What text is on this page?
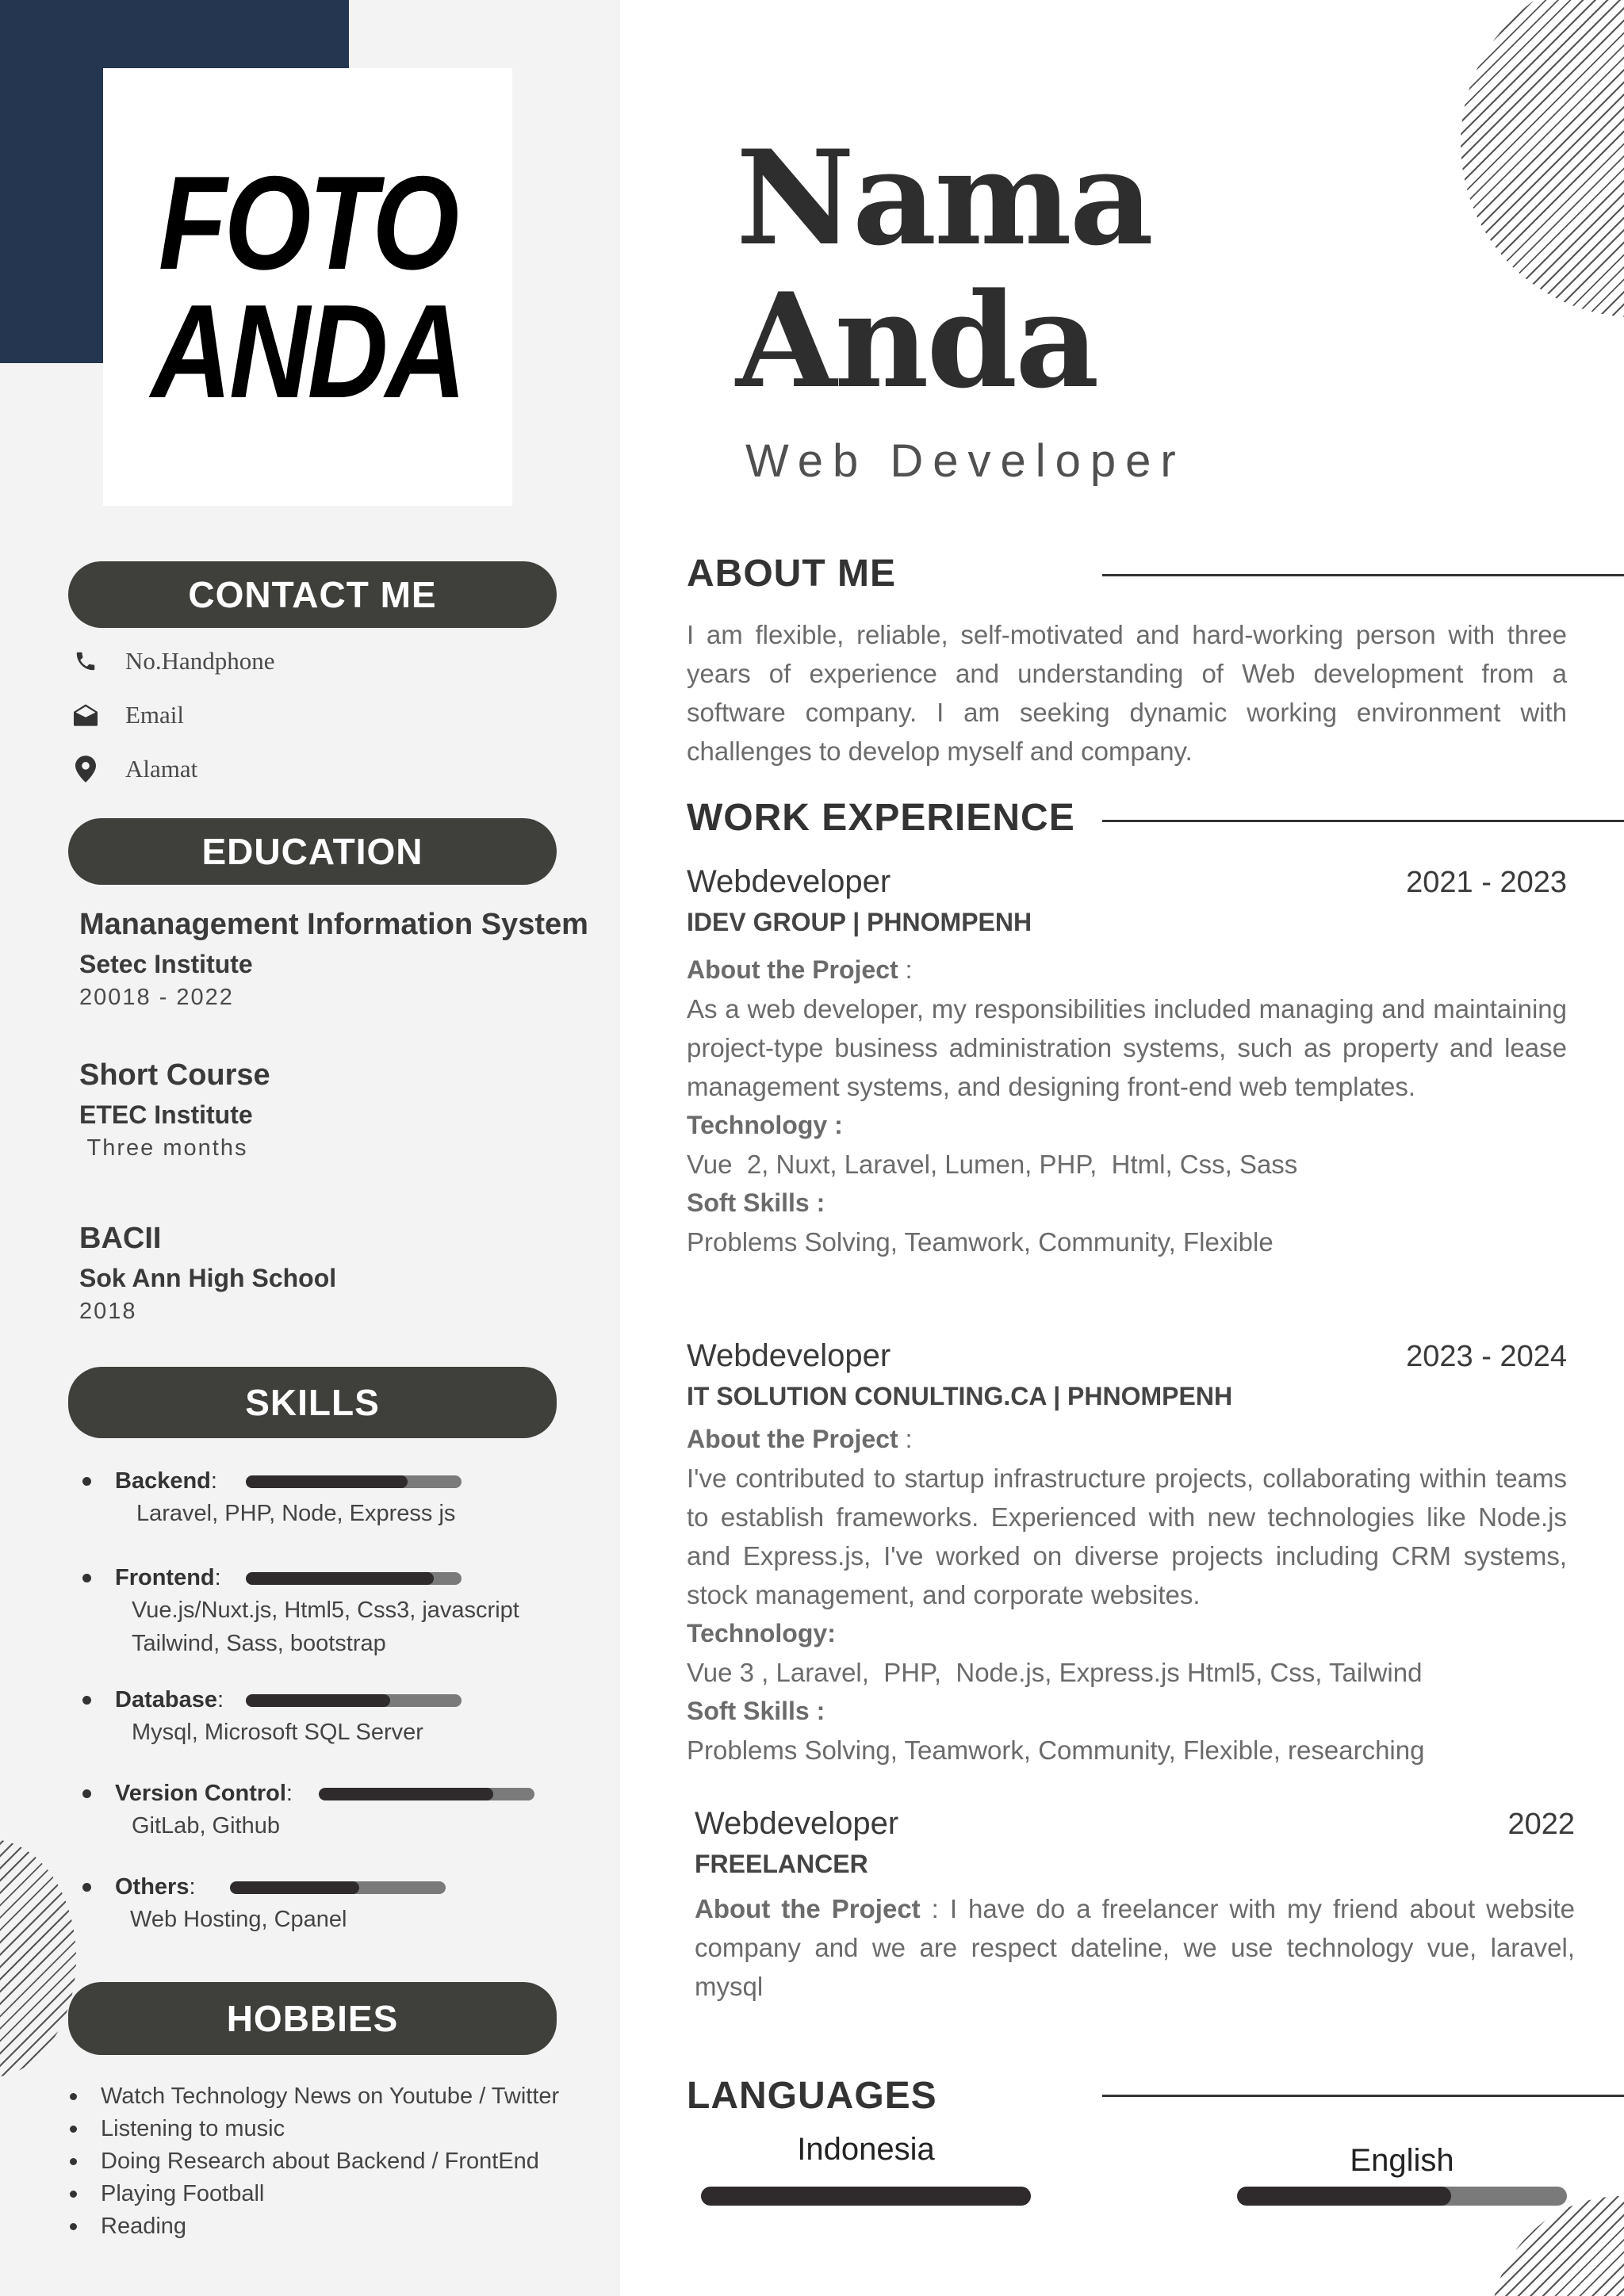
FOTO
ANDA
Nama
Anda
Web Developer
CONTACT ME
No.Handphone
Email
Alamat
EDUCATION
Mananagement Information System
Setec Institute
20018 - 2022
Short Course
ETEC Institute
Three months
BACII
Sok Ann High School
2018
SKILLS
Backend :
Laravel, PHP, Node, Express js
Frontend :
Vue.js/Nuxt.js, Html5, Css3, javascript
Tailwind, Sass, bootstrap
Database :
Mysql, Microsoft SQL Server
Version Control :
GitLab, Github
Others :
Web Hosting, Cpanel
HOBBIES
Watch Technology News on Youtube / Twitter
Listening to music
Doing Research about Backend / FrontEnd
Playing Football
Reading
ABOUT ME
I am flexible, reliable, self-motivated and hard-working person with three years of experience and understanding of Web development from a software company. I am seeking dynamic working environment with challenges to develop myself and company.
WORK EXPERIENCE
Webdeveloper	2021 - 2023
IDEV GROUP | PHNOMPENH
About the Project :
As a web developer, my responsibilities included managing and maintaining project-type business administration systems, such as property and lease management systems, and designing front-end web templates.
Technology :
Vue  2, Nuxt, Laravel, Lumen, PHP,  Html, Css, Sass
Soft Skills :
Problems Solving, Teamwork, Community, Flexible
Webdeveloper	2023 - 2024
IT SOLUTION CONULTING.CA | PHNOMPENH
About the Project :
I've contributed to startup infrastructure projects, collaborating within teams to establish frameworks. Experienced with new technologies like Node.js and Express.js, I've worked on diverse projects including CRM systems, stock management, and corporate websites.
Technology:
Vue 3 , Laravel,  PHP,  Node.js, Express.js Html5, Css, Tailwind
Soft Skills :
Problems Solving, Teamwork, Community, Flexible, researching
Webdeveloper	2022
FREELANCER
About the Project : I have do a freelancer with my friend about website company and we are respect dateline, we use technology vue, laravel, mysql
LANGUAGES
Indonesia	English
